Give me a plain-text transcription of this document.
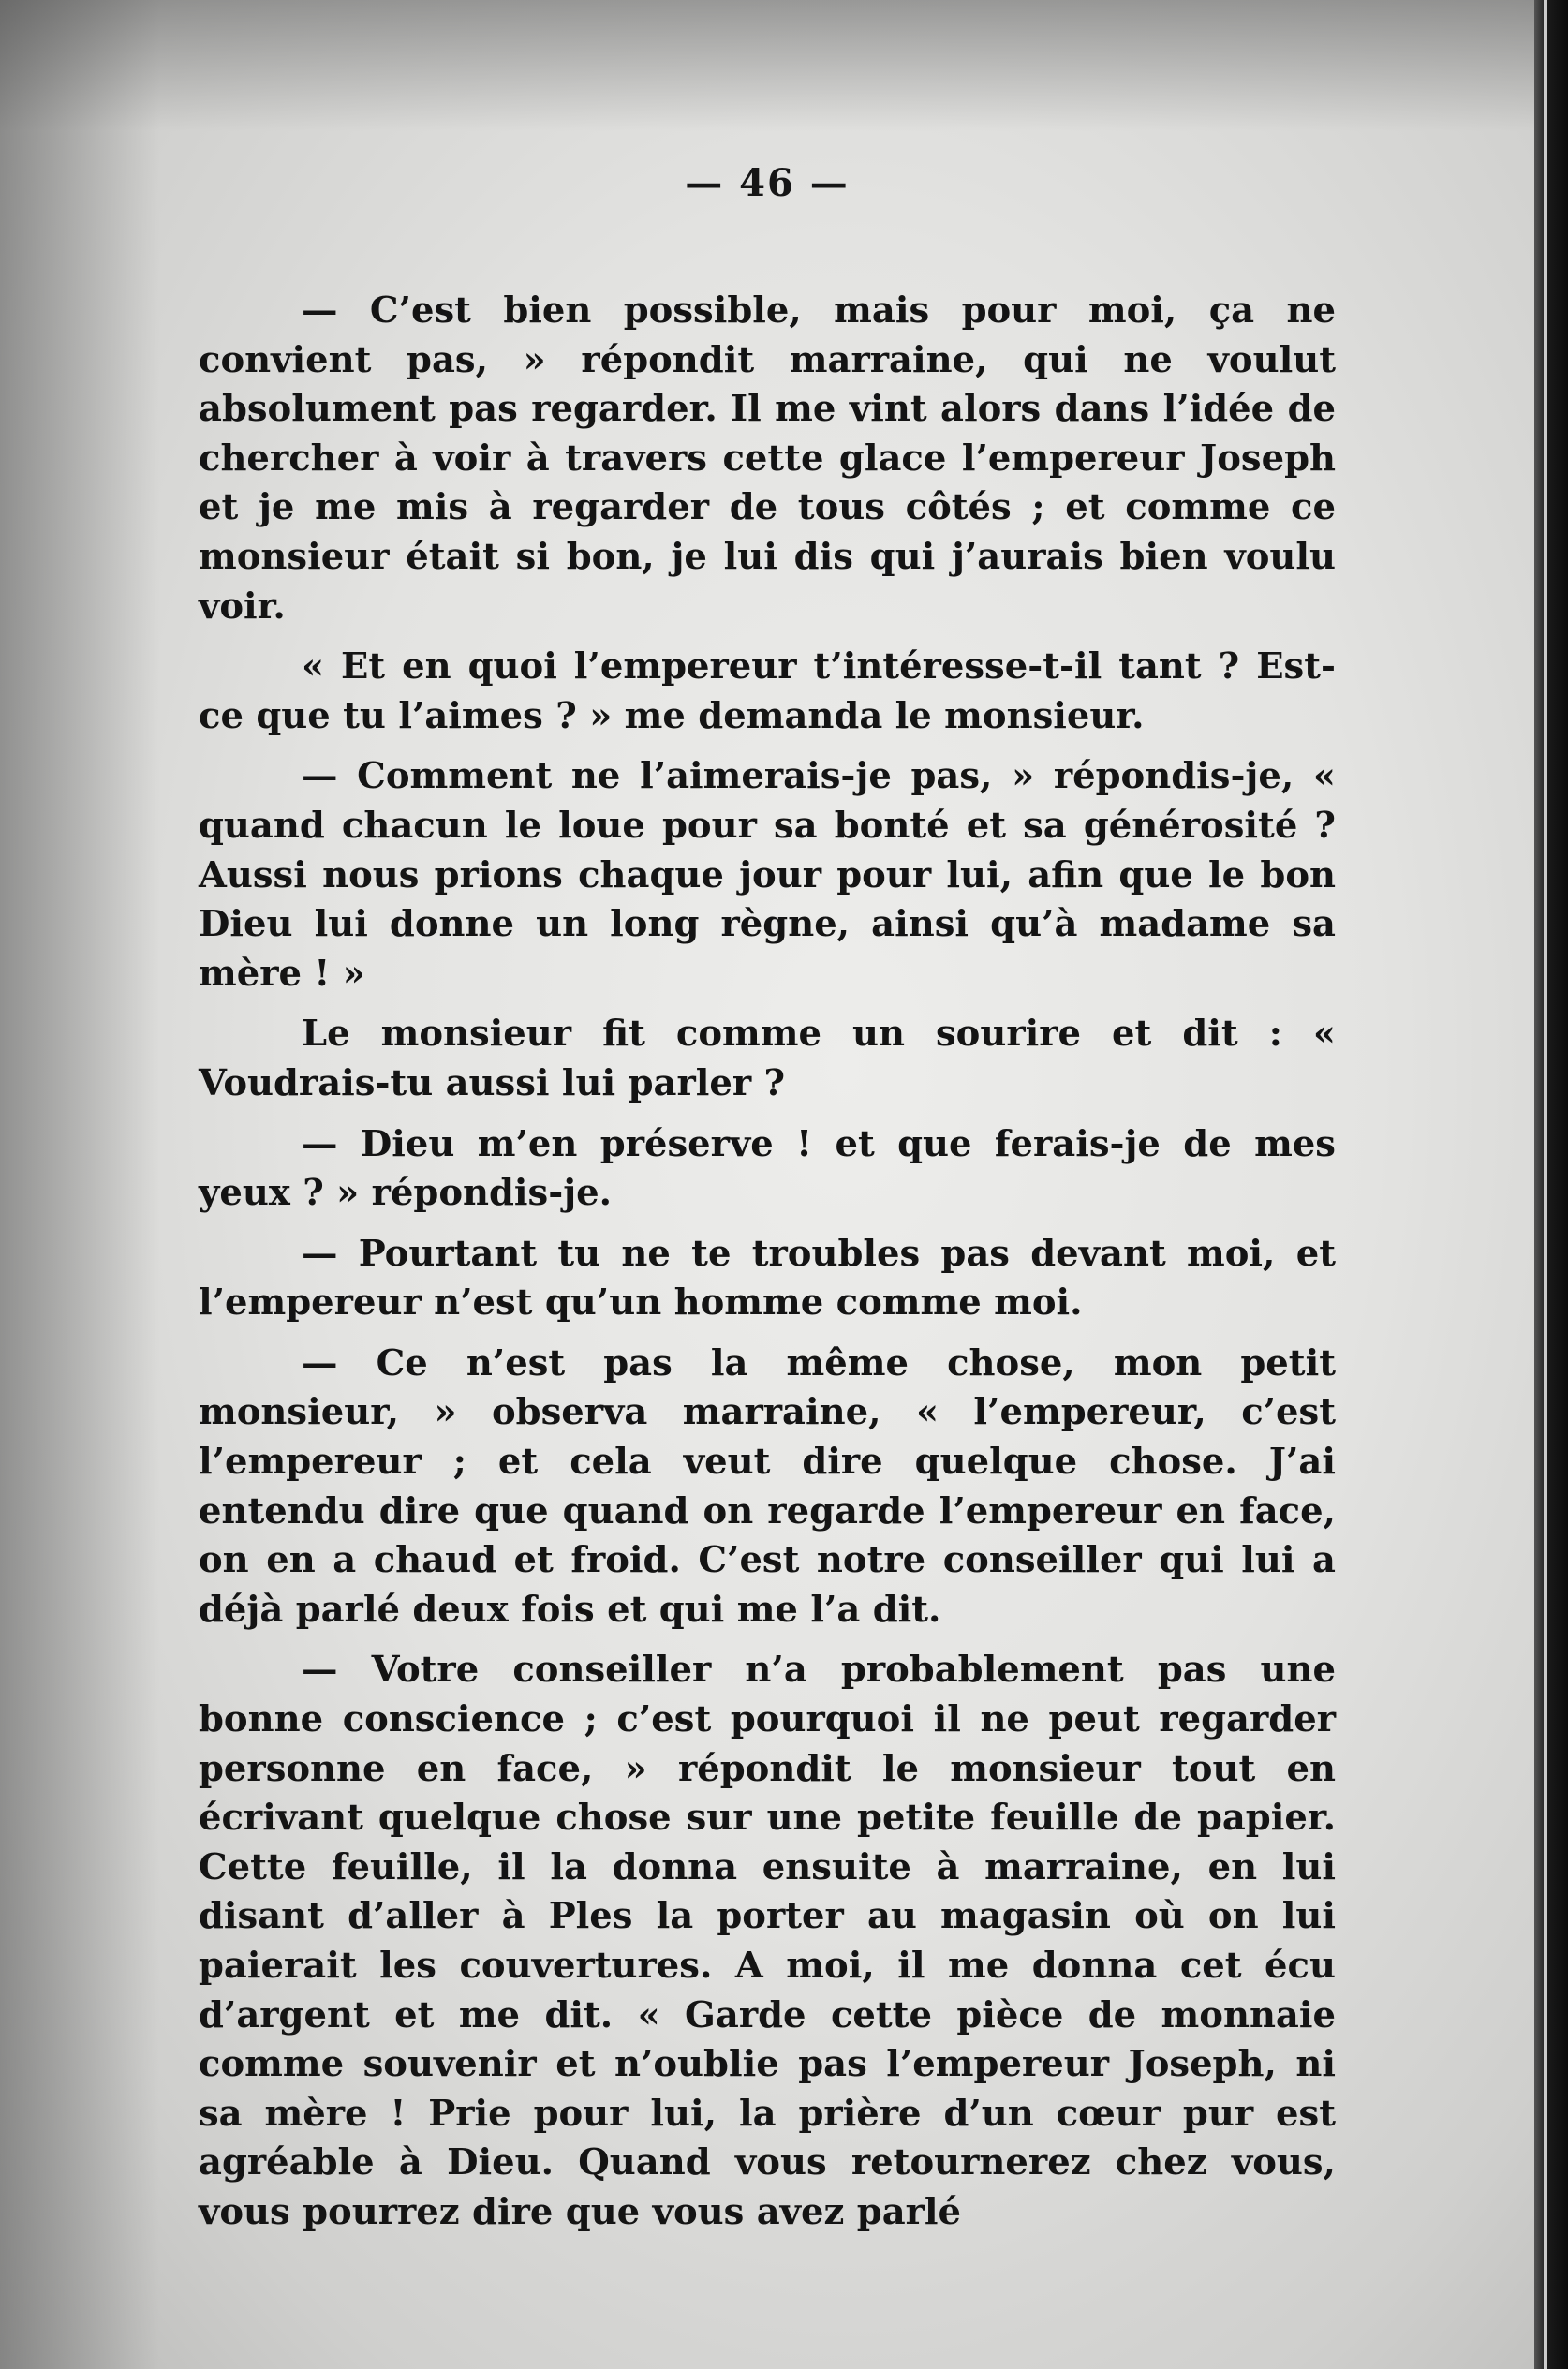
— 46 —

— C’est bien possible, mais pour moi, ça ne convient pas, » répondit marraine, qui ne voulut absolument pas regarder. Il me vint alors dans l’idée de chercher à voir à travers cette glace l’empereur Joseph et je me mis à regarder de tous côtés ; et comme ce monsieur était si bon, je lui dis qui j’aurais bien voulu voir.

« Et en quoi l’empereur t’intéresse-t-il tant ? Est-ce que tu l’aimes ? » me demanda le monsieur.

— Comment ne l’aimerais-je pas, » répondis-je, « quand chacun le loue pour sa bonté et sa générosité ? Aussi nous prions chaque jour pour lui, afin que le bon Dieu lui donne un long règne, ainsi qu’à madame sa mère ! »

Le monsieur fit comme un sourire et dit : « Voudrais-tu aussi lui parler ?

— Dieu m’en préserve ! et que ferais-je de mes yeux ? » répondis-je.

— Pourtant tu ne te troubles pas devant moi, et l’empereur n’est qu’un homme comme moi.

— Ce n’est pas la même chose, mon petit monsieur, » observa marraine, « l’empereur, c’est l’empereur ; et cela veut dire quelque chose. J’ai entendu dire que quand on regarde l’empereur en face, on en a chaud et froid. C’est notre conseiller qui lui a déjà parlé deux fois et qui me l’a dit.

— Votre conseiller n’a probablement pas une bonne conscience ; c’est pourquoi il ne peut regarder personne en face, » répondit le monsieur tout en écrivant quelque chose sur une petite feuille de papier. Cette feuille, il la donna ensuite à marraine, en lui disant d’aller à Ples la porter au magasin où on lui paierait les couvertures. A moi, il me donna cet écu d’argent et me dit. « Garde cette pièce de monnaie comme souvenir et n’oublie pas l’empereur Joseph, ni sa mère ! Prie pour lui, la prière d’un cœur pur est agréable à Dieu. Quand vous retournerez chez vous, vous pourrez dire que vous avez parlé
